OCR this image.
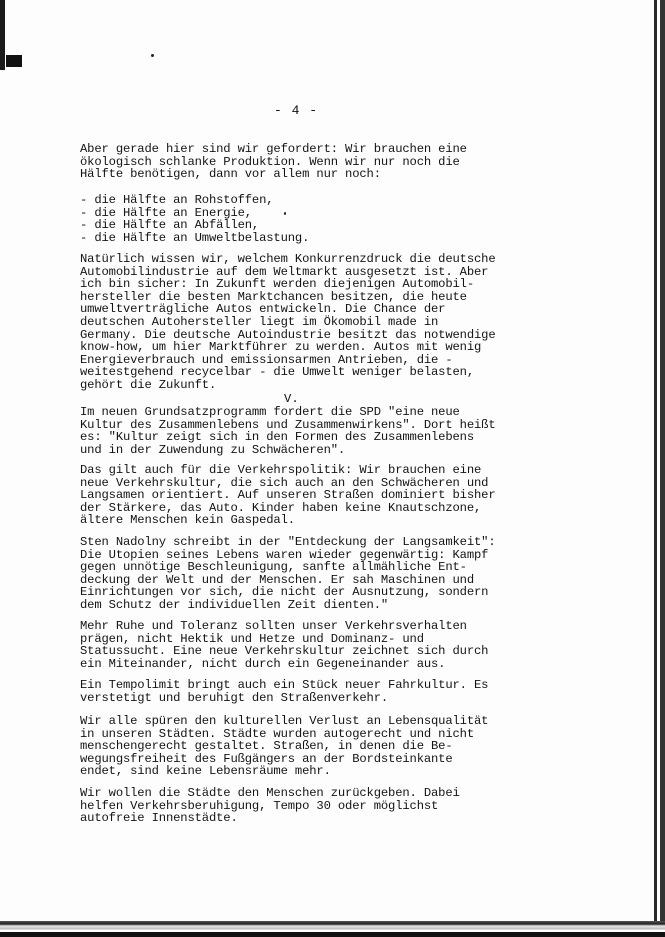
- 4 -
Aber gerade hier sind wir gefordert: Wir brauchen eine
ökologisch schlanke Produktion. Wenn wir nur noch die
Hälfte benötigen, dann vor allem nur noch:
- die Hälfte an Rohstoffen,
- die Hälfte an Energie,
- die Hälfte an Abfällen,
- die Hälfte an Umweltbelastung.
Natürlich wissen wir, welchem Konkurrenzdruck die deutsche
Automobilindustrie auf dem Weltmarkt ausgesetzt ist. Aber
ich bin sicher: In Zukunft werden diejenigen Automobil-
hersteller die besten Marktchancen besitzen, die heute
umweltverträgliche Autos entwickeln. Die Chance der
deutschen Autohersteller liegt im Ökomobil made in
Germany. Die deutsche Autoindustrie besitzt das notwendige
know-how, um hier Marktführer zu werden. Autos mit wenig
Energieverbrauch und emissionsarmen Antrieben, die -
weitestgehend recycelbar - die Umwelt weniger belasten,
gehört die Zukunft.
V.
Im neuen Grundsatzprogramm fordert die SPD "eine neue
Kultur des Zusammenlebens und Zusammenwirkens". Dort heißt
es: "Kultur zeigt sich in den Formen des Zusammenlebens
und in der Zuwendung zu Schwächeren".
Das gilt auch für die Verkehrspolitik: Wir brauchen eine
neue Verkehrskultur, die sich auch an den Schwächeren und
Langsamen orientiert. Auf unseren Straßen dominiert bisher
der Stärkere, das Auto. Kinder haben keine Knautschzone,
ältere Menschen kein Gaspedal.
Sten Nadolny schreibt in der "Entdeckung der Langsamkeit":
Die Utopien seines Lebens waren wieder gegenwärtig: Kampf
gegen unnötige Beschleunigung, sanfte allmähliche Ent-
deckung der Welt und der Menschen. Er sah Maschinen und
Einrichtungen vor sich, die nicht der Ausnutzung, sondern
dem Schutz der individuellen Zeit dienten."
Mehr Ruhe und Toleranz sollten unser Verkehrsverhalten
prägen, nicht Hektik und Hetze und Dominanz- und
Statussucht. Eine neue Verkehrskultur zeichnet sich durch
ein Miteinander, nicht durch ein Gegeneinander aus.
Ein Tempolimit bringt auch ein Stück neuer Fahrkultur. Es
verstetigt und beruhigt den Straßenverkehr.
Wir alle spüren den kulturellen Verlust an Lebensqualität
in unseren Städten. Städte wurden autogerecht und nicht
menschengerecht gestaltet. Straßen, in denen die Be-
wegungsfreiheit des Fußgängers an der Bordsteinkante
endet, sind keine Lebensräume mehr.
Wir wollen die Städte den Menschen zurückgeben. Dabei
helfen Verkehrsberuhigung, Tempo 30 oder möglichst
autofreie Innenstädte.
